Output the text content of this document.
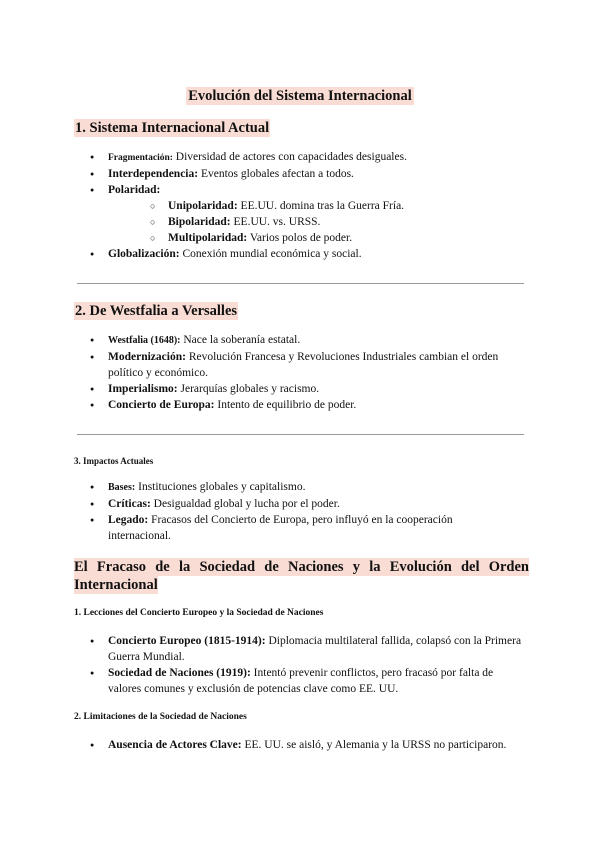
Evolución del Sistema Internacional
1. Sistema Internacional Actual
● Fragmentación: Diversidad de actores con capacidades desiguales.
● Interdependencia: Eventos globales afectan a todos.
● Polaridad:
○ Unipolaridad: EE.UU. domina tras la Guerra Fría.
○ Bipolaridad: EE.UU. vs. URSS.
○ Multipolaridad: Varios polos de poder.
● Globalización: Conexión mundial económica y social.
2. De Westfalia a Versalles
● Westfalia (1648): Nace la soberanía estatal.
● Modernización: Revolución Francesa y Revoluciones Industriales cambian el orden político y económico.
● Imperialismo: Jerarquías globales y racismo.
● Concierto de Europa: Intento de equilibrio de poder.
3. Impactos Actuales
● Bases: Instituciones globales y capitalismo.
● Críticas: Desigualdad global y lucha por el poder.
● Legado: Fracasos del Concierto de Europa, pero influyó en la cooperación internacional.
El Fracaso de la Sociedad de Naciones y la Evolución del Orden Internacional
1. Lecciones del Concierto Europeo y la Sociedad de Naciones
● Concierto Europeo (1815-1914): Diplomacia multilateral fallida, colapsó con la Primera Guerra Mundial.
● Sociedad de Naciones (1919): Intentó prevenir conflictos, pero fracasó por falta de valores comunes y exclusión de potencias clave como EE. UU.
2. Limitaciones de la Sociedad de Naciones
● Ausencia de Actores Clave: EE. UU. se aisló, y Alemania y la URSS no participaron.
